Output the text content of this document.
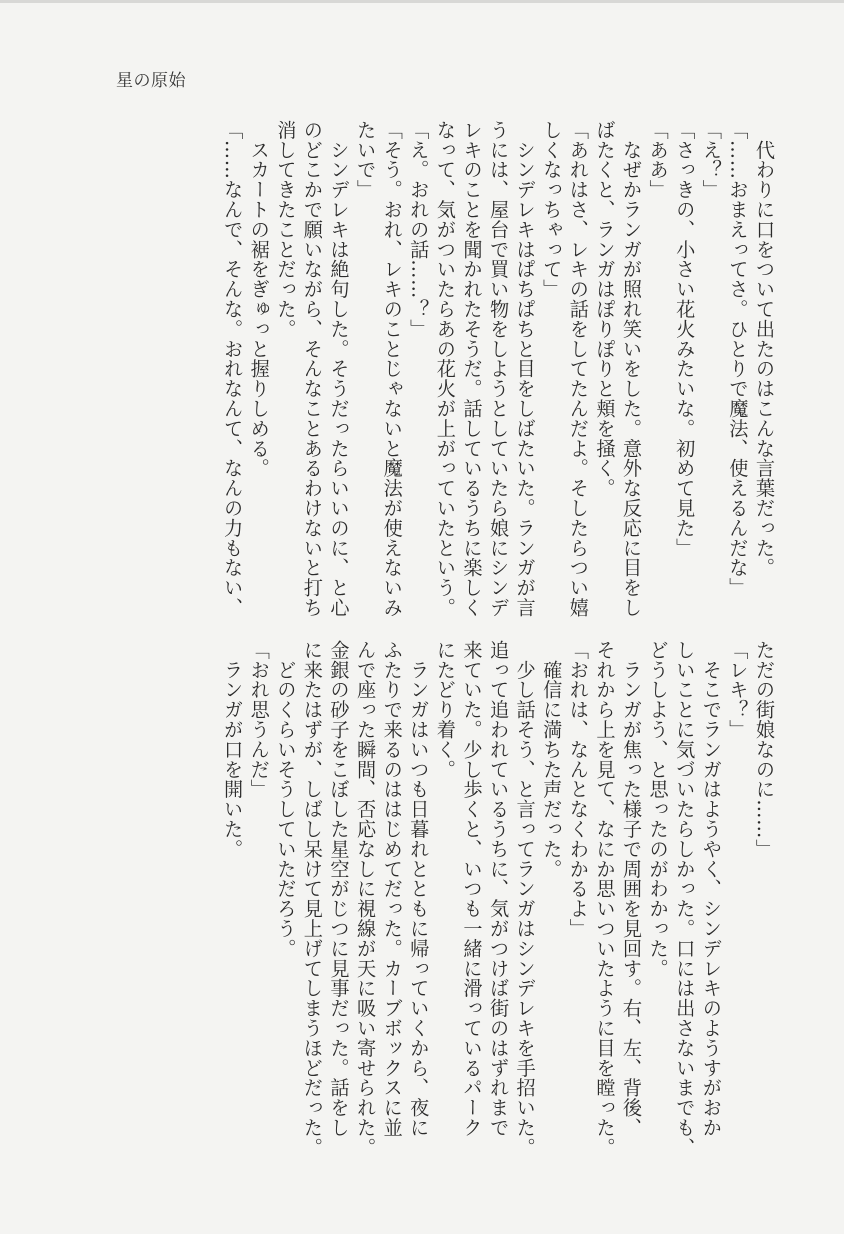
星の原始
　代わりに口をついて出たのはこんな言葉だった。
「……おまえってさ。ひとりで魔法、使えるんだな」
「え？」
「さっきの、小さい花火みたいな。初めて見た」
「ああ」
　なぜかランガが照れ笑いをした。意外な反応に目をし
ばたくと、ランガはぽりぽりと頬を掻く。
「あれはさ、レキの話をしてたんだよ。そしたらつい嬉
しくなっちゃって」
　シンデレキはぱちぱちと目をしばたいた。ランガが言
うには、屋台で買い物をしようとしていたら娘にシンデ
レキのことを聞かれたそうだ。話しているうちに楽しく
なって、気がついたらあの花火が上がっていたという。
「え。おれの話……？」
「そう。おれ、レキのことじゃないと魔法が使えないみ
たいで」
　シンデレキは絶句した。そうだったらいいのに、と心
のどこかで願いながら、そんなことあるわけないと打ち
消してきたことだった。
　スカートの裾をぎゅっと握りしめる。
「……なんで、そんな。おれなんて、なんの力もない、
ただの街娘なのに……」
「レキ？」
　そこでランガはようやく、シンデレキのようすがおか
しいことに気づいたらしかった。口には出さないまでも、
どうしよう、と思ったのがわかった。
　ランガが焦った様子で周囲を見回す。右、左、背後、
それから上を見て、なにか思いついたように目を瞠った。
「おれは、なんとなくわかるよ」
　確信に満ちた声だった。
　少し話そう、と言ってランガはシンデレキを手招いた。
追って追われているうちに、気がつけば街のはずれまで
来ていた。少し歩くと、いつも一緒に滑っているパーク
にたどり着く。
　ランガはいつも日暮れとともに帰っていくから、夜に
ふたりで来るのははじめてだった。カーブボックスに並
んで座った瞬間、否応なしに視線が天に吸い寄せられた。
金銀の砂子をこぼした星空がじつに見事だった。話をし
に来たはずが、しばし呆けて見上げてしまうほどだった。
　どのくらいそうしていただろう。
「おれ思うんだ」
　ランガが口を開いた。
